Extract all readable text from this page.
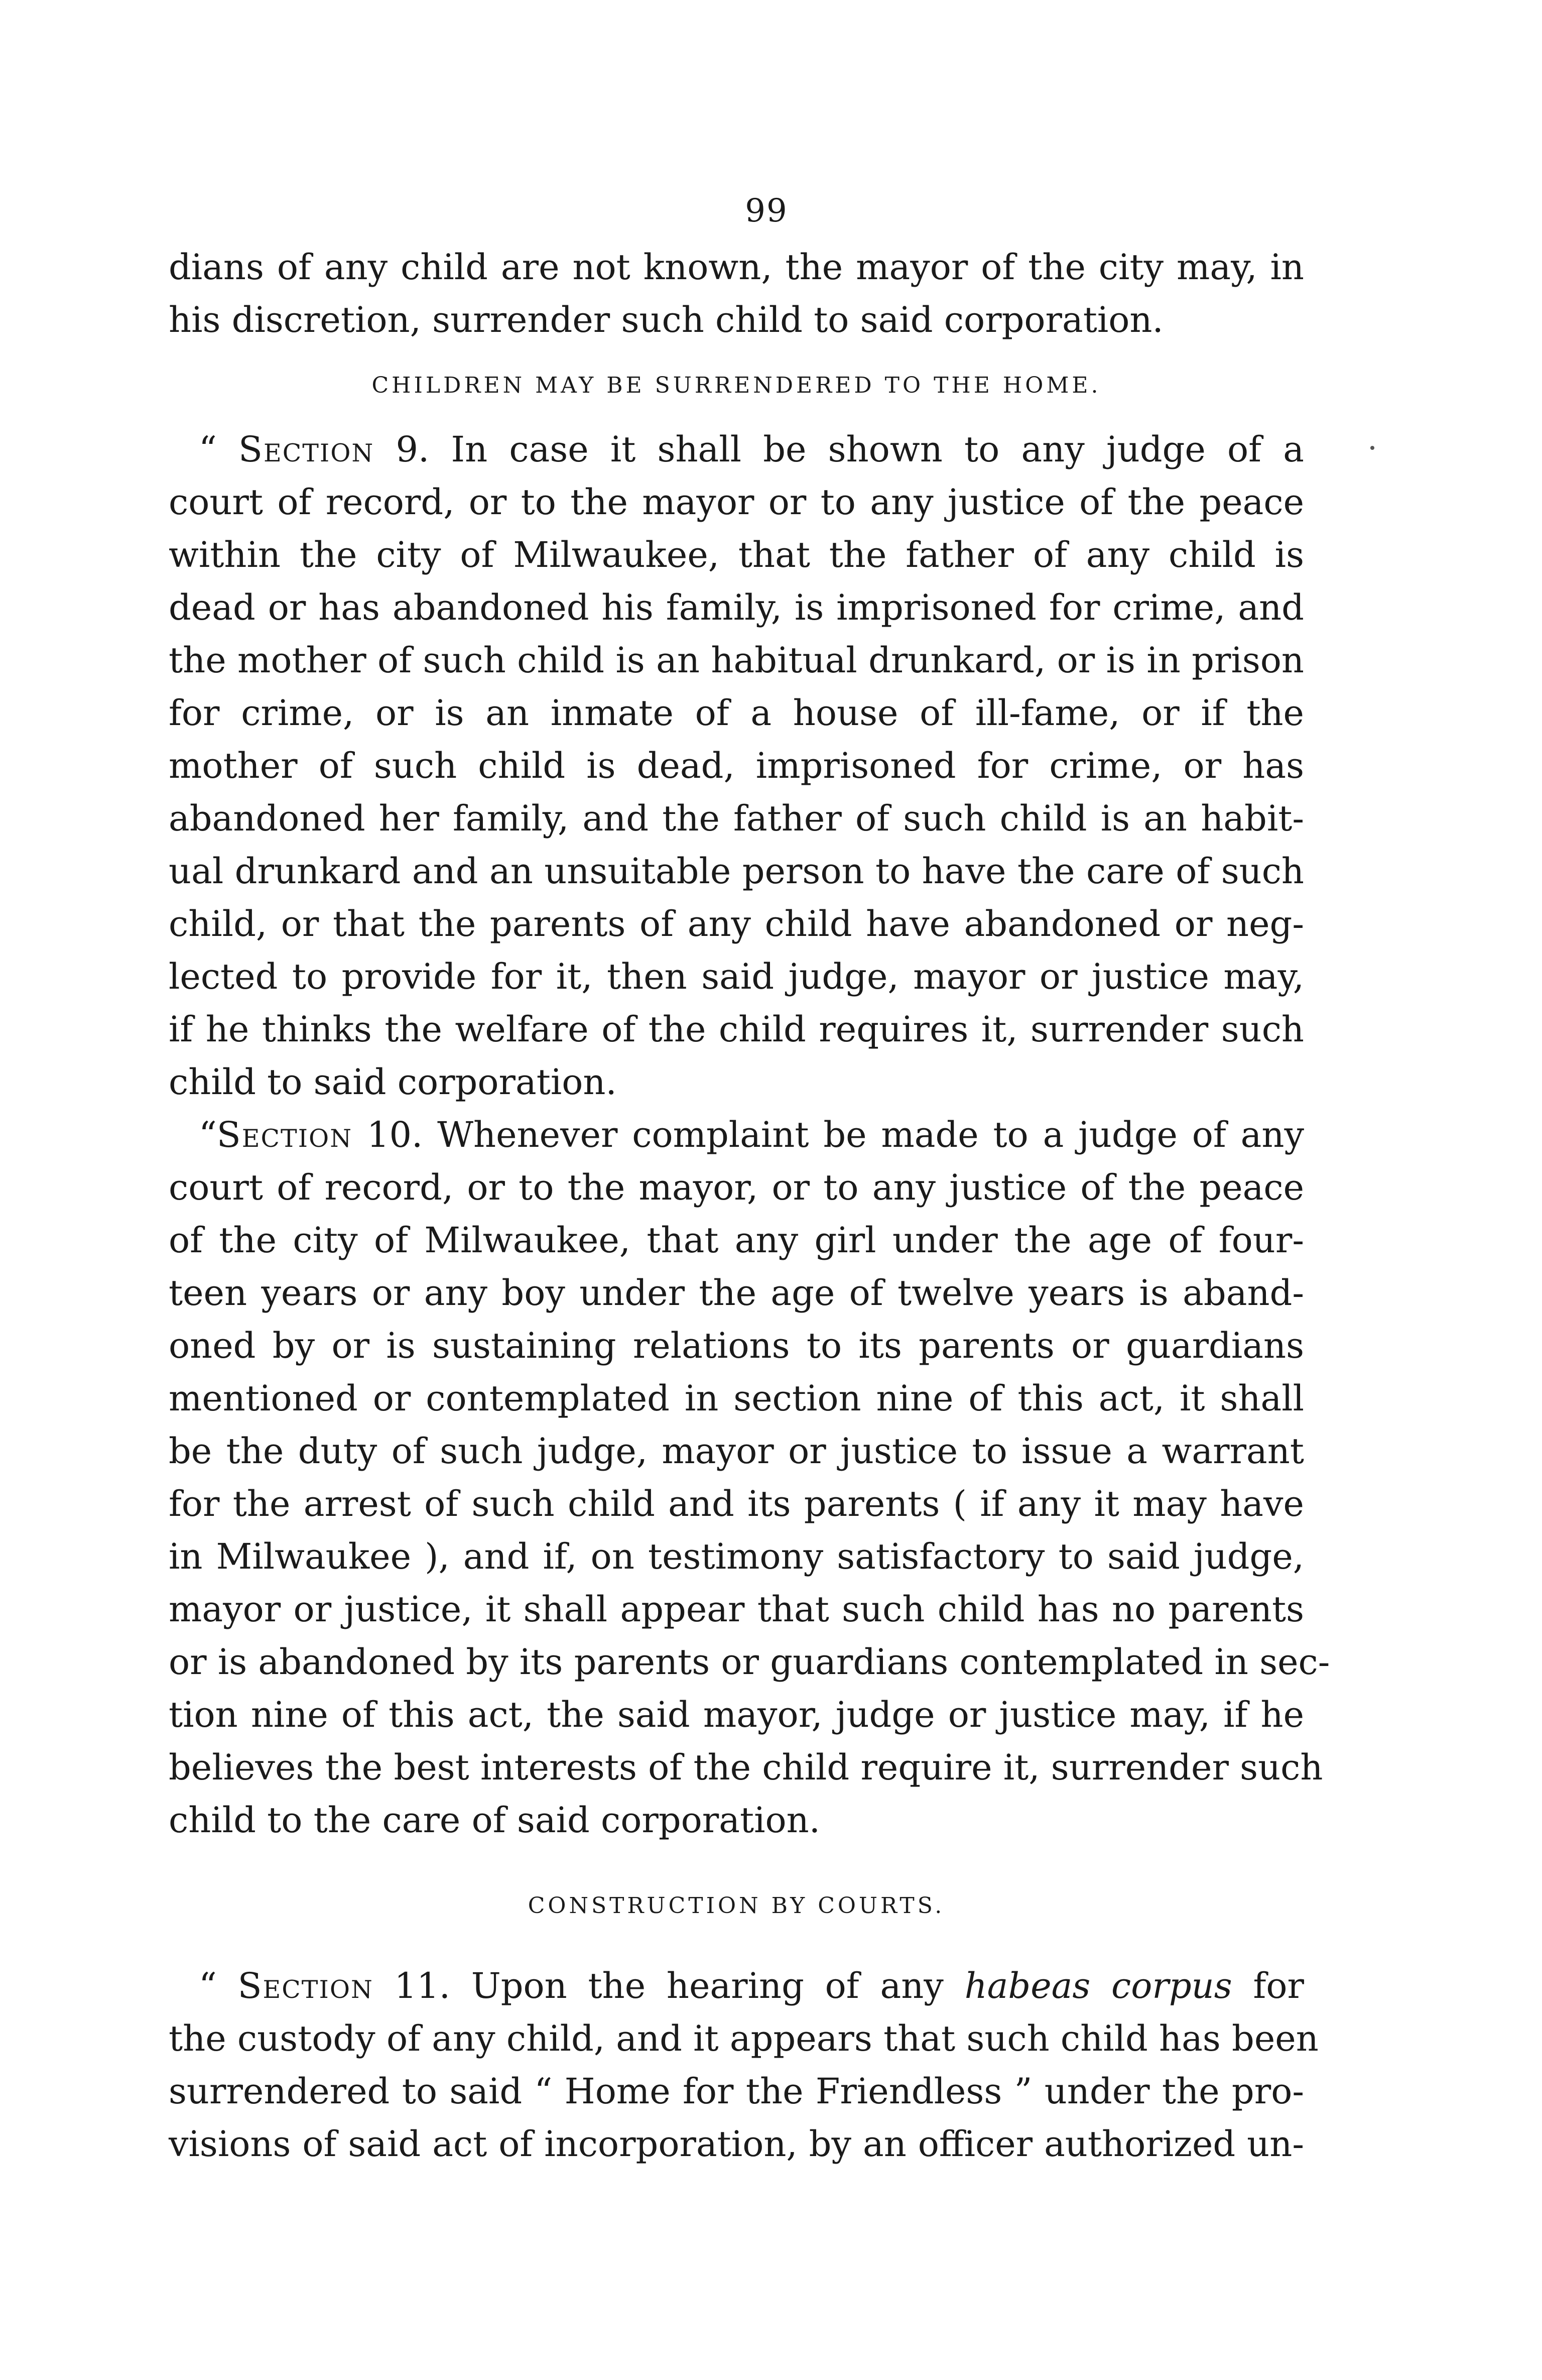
99
dians of any child are not known, the mayor of the city may, in
his discretion, surrender such child to said corporation.
CHILDREN MAY BE SURRENDERED TO THE HOME.
“ Section 9. In case it shall be shown to any judge of a
court of record, or to the mayor or to any justice of the peace
within the city of Milwaukee, that the father of any child is
dead or has abandoned his family, is imprisoned for crime, and
the mother of such child is an habitual drunkard, or is in prison
for crime, or is an inmate of a house of ill-fame, or if the
mother of such child is dead, imprisoned for crime, or has
abandoned her family, and the father of such child is an habit-
ual drunkard and an unsuitable person to have the care of such
child, or that the parents of any child have abandoned or neg-
lected to provide for it, then said judge, mayor or justice may,
if he thinks the welfare of the child requires it, surrender such
child to said corporation.
“Section 10. Whenever complaint be made to a judge of any
court of record, or to the mayor, or to any justice of the peace
of the city of Milwaukee, that any girl under the age of four-
teen years or any boy under the age of twelve years is aband-
oned by or is sustaining relations to its parents or guardians
mentioned or contemplated in section nine of this act, it shall
be the duty of such judge, mayor or justice to issue a warrant
for the arrest of such child and its parents ( if any it may have
in Milwaukee ), and if, on testimony satisfactory to said judge,
mayor or justice, it shall appear that such child has no parents
or is abandoned by its parents or guardians contemplated in sec-
tion nine of this act, the said mayor, judge or justice may, if he
believes the best interests of the child require it, surrender such
child to the care of said corporation.
CONSTRUCTION BY COURTS.
“ Section 11. Upon the hearing of any habeas corpus for
the custody of any child, and it appears that such child has been
surrendered to said “ Home for the Friendless ” under the pro-
visions of said act of incorporation, by an officer authorized un-
